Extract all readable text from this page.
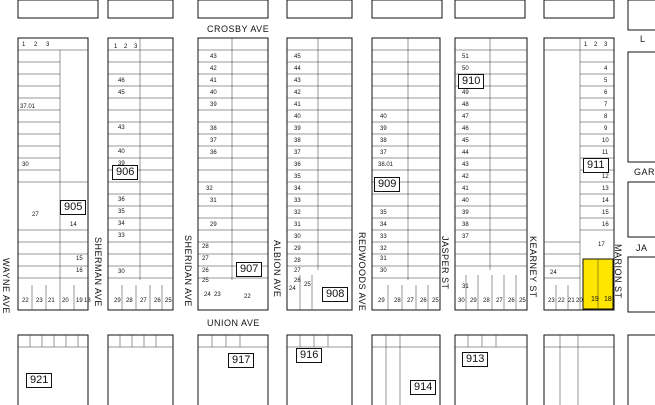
CROSBY AVE
UNION AVE
WAYNE AVE	SHERMAN AVE	SHERIDAN AVE	ALBION AVE	REDWOODS AVE	JASPER ST	KEARNEY ST	MARION ST
GAR
JA
L
905
906
907
908
909
910
911
917	916	913
914
921
19 18
1 2 3
37.01
30
27
14
15
16
22 23 21 20 19 18
1 2 3
46
45
43
40
39
36
35
34
33
30
29 28 27 26 25
43
42
41
40
39
38
37
36
32
31
29
28
27
26
25
24 23	22
45
44
43
42
41
40
39
38
37
36
35
34
33
32
31
30
29
28
27
26
25
24
40
39
38
37
38.01
35
34
33
32
31
30
29 28 27 26 25
51
50
49
48
47
46
45
44
43
42
41
40
39
38
37
31
30 29 28 27 26 25
1 2 3
4
5
6
7
8
9
10
11
12
13
14
15
16
17
24
23 22 21 20
